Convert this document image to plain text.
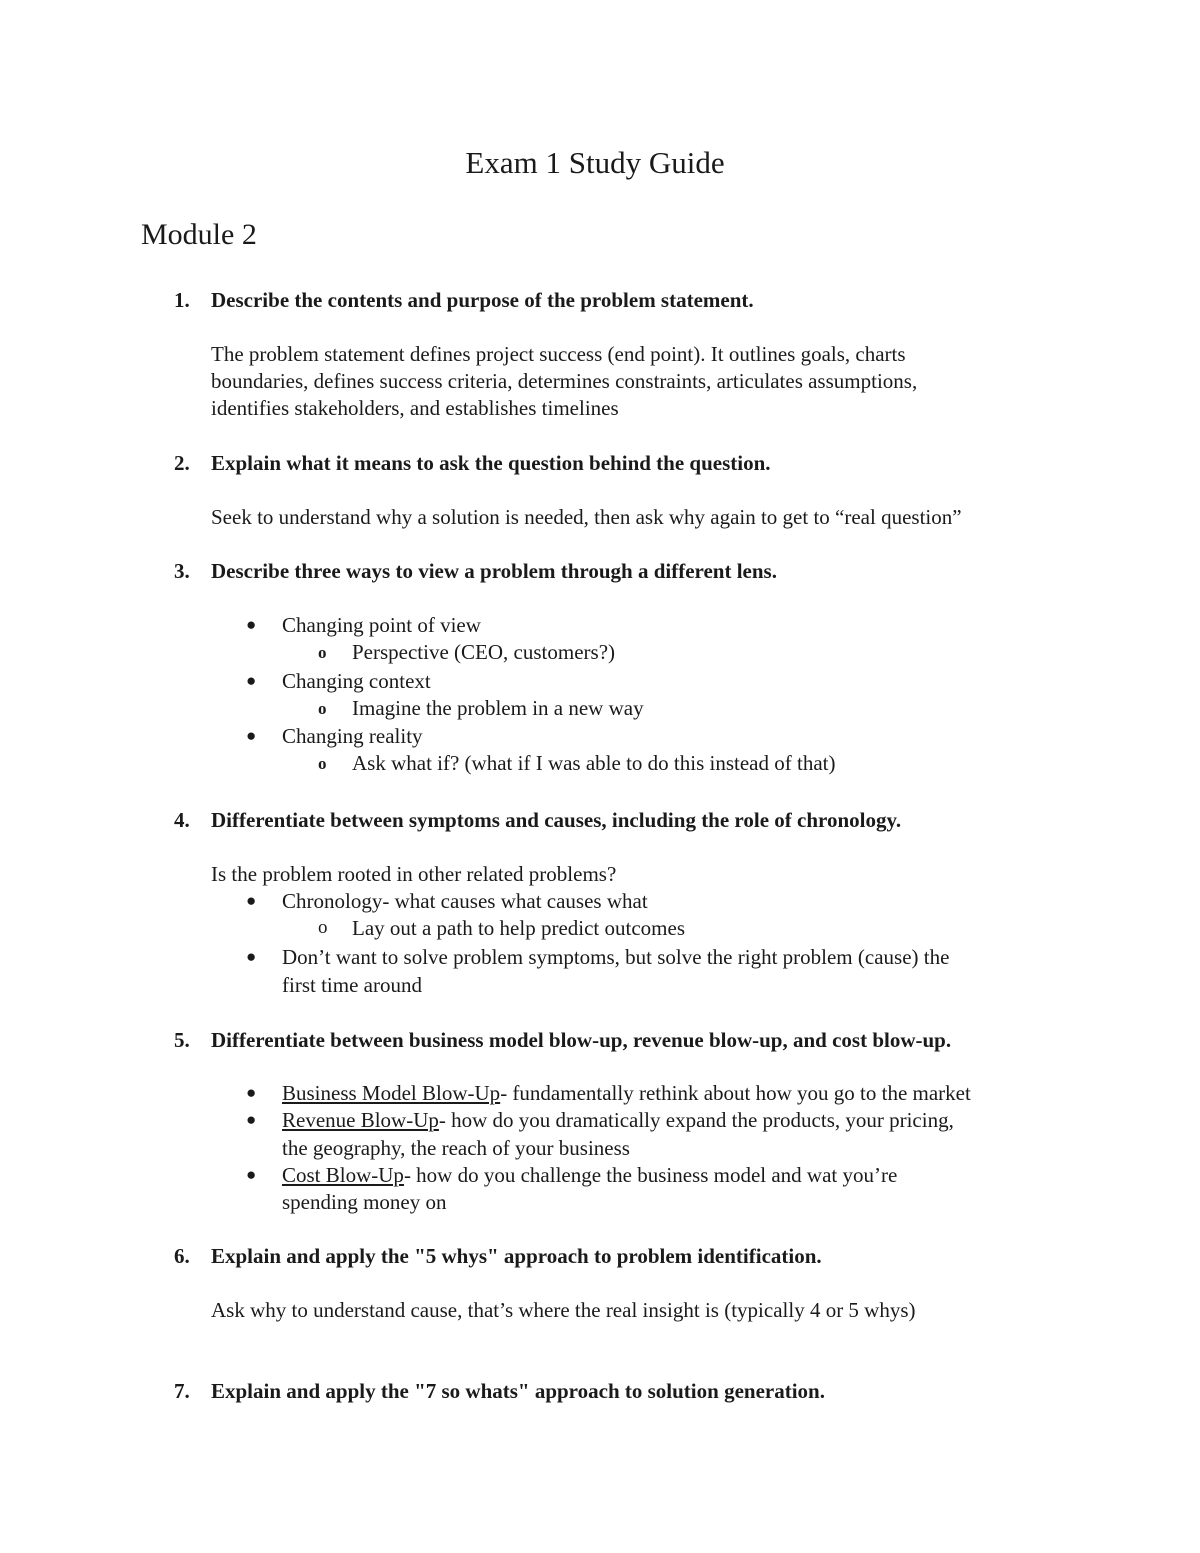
Exam 1 Study Guide
Module 2
1. Describe the contents and purpose of the problem statement.
The problem statement defines project success (end point). It outlines goals, charts
boundaries, defines success criteria, determines constraints, articulates assumptions,
identifies stakeholders, and establishes timelines
2. Explain what it means to ask the question behind the question.
Seek to understand why a solution is needed, then ask why again to get to “real question”
3. Describe three ways to view a problem through a different lens.
● Changing point of view
o Perspective (CEO, customers?)
● Changing context
o Imagine the problem in a new way
● Changing reality
o Ask what if? (what if I was able to do this instead of that)
4. Differentiate between symptoms and causes, including the role of chronology.
Is the problem rooted in other related problems?
● Chronology- what causes what causes what
o Lay out a path to help predict outcomes
● Don’t want to solve problem symptoms, but solve the right problem (cause) the
first time around
5. Differentiate between business model blow-up, revenue blow-up, and cost blow-up.
● Business Model Blow-Up- fundamentally rethink about how you go to the market
● Revenue Blow-Up- how do you dramatically expand the products, your pricing,
the geography, the reach of your business
● Cost Blow-Up- how do you challenge the business model and wat you’re
spending money on
6. Explain and apply the "5 whys" approach to problem identification.
Ask why to understand cause, that’s where the real insight is (typically 4 or 5 whys)
7. Explain and apply the "7 so whats" approach to solution generation.
